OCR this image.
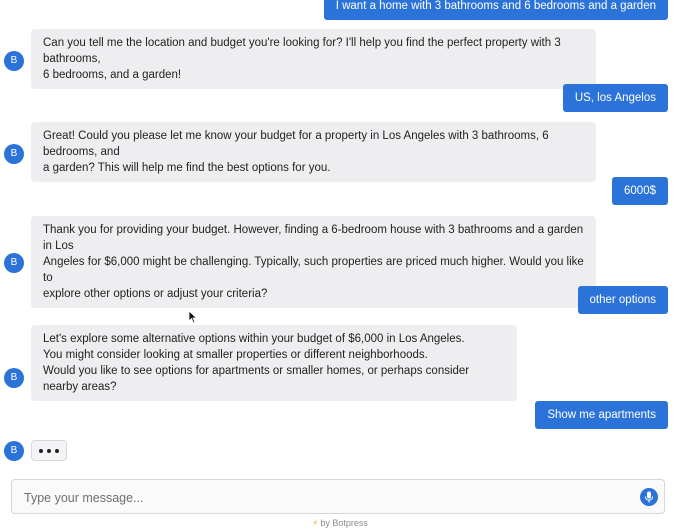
I want a home with 3 bathrooms and 6 bedrooms and a garden
B

Can you tell me the location and budget you're looking for? I'll help you find the perfect property with 3 bathrooms,

6 bedrooms, and a garden!

US, los Angelos
B

Great! Could you please let me know your budget for a property in Los Angeles with 3 bathrooms, 6 bedrooms, and

a garden? This will help me find the best options for you.

6000$
B

Thank you for providing your budget. However, finding a 6-bedroom house with 3 bathrooms and a garden in Los

Angeles for $6,000 might be challenging. Typically, such properties are priced much higher. Would you like to

explore other options or adjust your criteria?	other options
B

Let's explore some alternative options within your budget of $6,000 in Los Angeles.

You might consider looking at smaller properties or different neighborhoods.

Would you like to see options for apartments or smaller homes, or perhaps consider nearby areas?

Show me apartments
B
Type your message...
⚡ by Botpress
